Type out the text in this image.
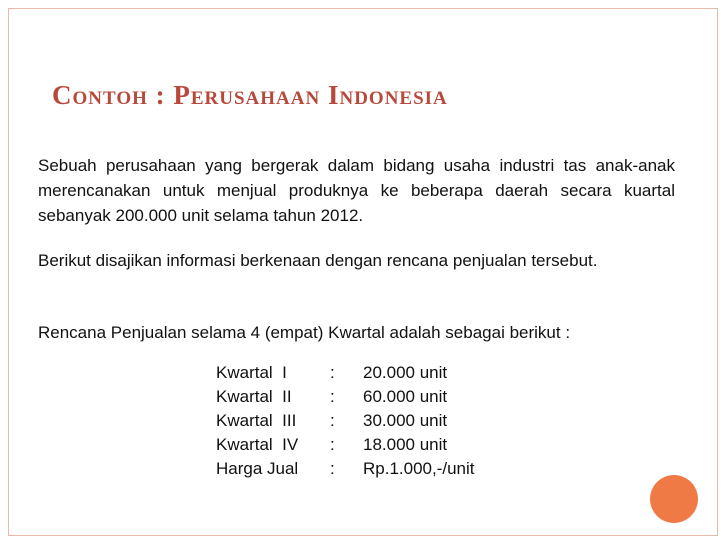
Contoh : Perusahaan Indonesia
Sebuah perusahaan yang bergerak dalam bidang usaha industri tas anak-anak merencanakan untuk menjual produknya ke beberapa daerah secara kuartal sebanyak 200.000 unit selama tahun 2012.
Berikut disajikan informasi berkenaan dengan rencana penjualan tersebut.
Rencana Penjualan selama 4 (empat) Kwartal adalah sebagai berikut :
Kwartal  I	: 20.000 unit
Kwartal  II : 60.000 unit
Kwartal  III : 30.000 unit
Kwartal  IV : 18.000 unit
Harga Jual : Rp.1.000,-/unit
